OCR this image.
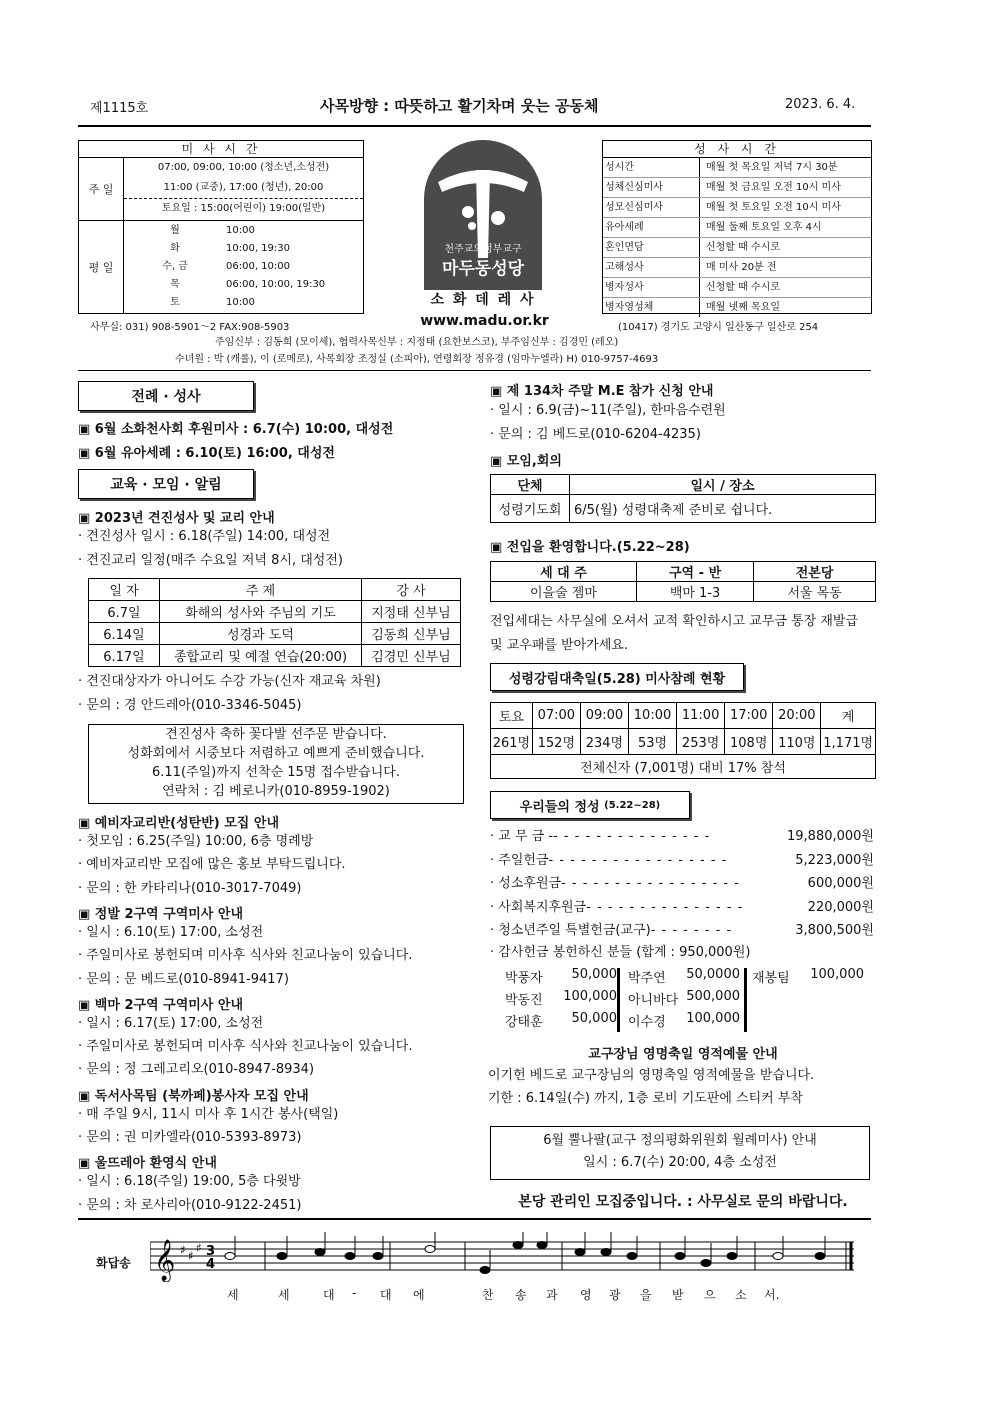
제1115호	사목방향 : 따뜻하고 활기차며 웃는 공동체	2023. 6. 4.
미 사 시 간
주 일
07:00, 09:00, 10:00 (청소년,소성전)
11:00 (교중), 17:00 (청년), 20:00
토요일 : 15:00(어린이) 19:00(일반)
평 일
월	10:00
화	10:00, 19:30
수, 금	06:00, 10:00
목	06:00, 10:00, 19:30
토	10:00
천주교의정부교구
마두동성당
소 화 데 레 사
www.madu.or.kr
성 사 시 간
성시간	매월 첫 목요일 저녁 7시 30분
성체신심미사	매월 첫 금요일 오전 10시 미사
성모신심미사	매월 첫 토요일 오전 10시 미사
유아세례	매월 둘째 토요일 오후 4시
혼인면담	신청할 때 수시로
고해성사	매 미사 20분 전
병자성사	신청할 때 수시로
병자영성체	매월 넷째 목요일
사무실: 031) 908-5901～2 FAX:908-5903	(10417) 경기도 고양시 일산동구 일산로 254
주임신부 : 김동희 (모이세), 협력사목신부 : 지정태 (요한보스코), 부주임신부 : 김경민 (레오)
수녀원 : 박 (캐롤), 이 (로메로), 사목회장 조정실 (소피아), 연령회장 정유경 (임마누엘라) H) 010-9757-4693
전례 · 성사
▣ 6월 소화천사회 후원미사 : 6.7(수) 10:00, 대성전
▣ 6월 유아세례 : 6.10(토) 16:00, 대성전
교육 · 모임 · 알림
▣ 2023년 견진성사 및 교리 안내
· 견진성사 일시 : 6.18(주일) 14:00, 대성전
· 견진교리 일정(매주 수요일 저녁 8시, 대성전)
일 자	주 제	강 사
6.7일	화해의 성사와 주님의 기도	지정태 신부님
6.14일	성경과 도덕	김동희 신부님
6.17일	종합교리 및 예절 연습(20:00)	김경민 신부님
· 견진대상자가 아니어도 수강 가능(신자 재교육 차원)
· 문의 : 경 안드레아(010-3346-5045)
견진성사 축하 꽃다발 선주문 받습니다.
성화회에서 시중보다 저렴하고 예쁘게 준비했습니다.
6.11(주일)까지 선착순 15명 접수받습니다.
연락처 : 김 베로니카(010-8959-1902)
▣ 예비자교리반(성탄반) 모집 안내
· 첫모임 : 6.25(주일) 10:00, 6층 명례방
· 예비자교리반 모집에 많은 홍보 부탁드립니다.
· 문의 : 한 카타리나(010-3017-7049)
▣ 정발 2구역 구역미사 안내
· 일시 : 6.10(토) 17:00, 소성전
· 주일미사로 봉헌되며 미사후 식사와 친교나눔이 있습니다.
· 문의 : 문 베드로(010-8941-9417)
▣ 백마 2구역 구역미사 안내
· 일시 : 6.17(토) 17:00, 소성전
· 주일미사로 봉헌되며 미사후 식사와 친교나눔이 있습니다.
· 문의 : 정 그레고리오(010-8947-8934)
▣ 독서사목팀 (북까페)봉사자 모집 안내
· 매 주일 9시, 11시 미사 후 1시간 봉사(택일)
· 문의 : 권 미카엘라(010-5393-8973)
▣ 울뜨레아 환영식 안내
· 일시 : 6.18(주일) 19:00, 5층 다윗방
· 문의 : 차 로사리아(010-9122-2451)
▣ 제 134차 주말 M.E 참가 신청 안내
· 일시 : 6.9(금)~11(주일), 한마음수련원
· 문의 : 김 베드로(010-6204-4235)
▣ 모임,회의
단체	일시 / 장소
성령기도회	6/5(월) 성령대축제 준비로 쉽니다.
▣ 전입을 환영합니다.(5.22~28)
세 대 주	구역 - 반	전본당
이을술 젬마	백마 1-3	서울 목동
전입세대는 사무실에 오셔서 교적 확인하시고 교무금 통장 재발급
및 교우패를 받아가세요.
성령강림대축일(5.28) 미사참례 현황
토요	07:00	09:00	10:00	11:00	17:00	20:00	계
261명	152명	234명	53명	253명	108명	110명	1,171명
전체신자 (7,001명) 대비 17% 참석							
우리들의 정성
(5.22~28)
· 교 무 금 - - - - - - - - - - - - - - - -	19,880,000원
· 주일헌금 - - - - - - - - - - - - - - - - -	5,223,000원
· 성소후원금 - - - - - - - - - - - - - - - - -	600,000원
· 사회복지후원금 - - - - - - - - - - - - - - -	220,000원
· 청소년주일 특별헌금(교구) - - - - - - - -	3,800,500원
· 감사헌금 봉헌하신 분들 (합계 : 950,000원)
박풍자	50,000 박주연	50,0000 재봉팀	100,000
박동진	100,000 아니바다 500,000
강태훈	50,000 이수경	100,000
교구장님 영명축일 영적예물 안내
이기헌 베드로 교구장님의 영명축일 영적예물을 받습니다.
기한 : 6.14일(수) 까지, 1층 로비 기도판에 스티커 부착
6월 뿔나팔(교구 정의평화위원회 월례미사) 안내
일시 : 6.7(수) 20:00, 4층 소성전
본당 관리인 모집중입니다. : 사무실로 문의 바랍니다.
화답송 𝄞 ♯ ♯
♯ 3
4
세	세	대 - 대 에	찬 송 과 영 광 을 받 으 소 서.
